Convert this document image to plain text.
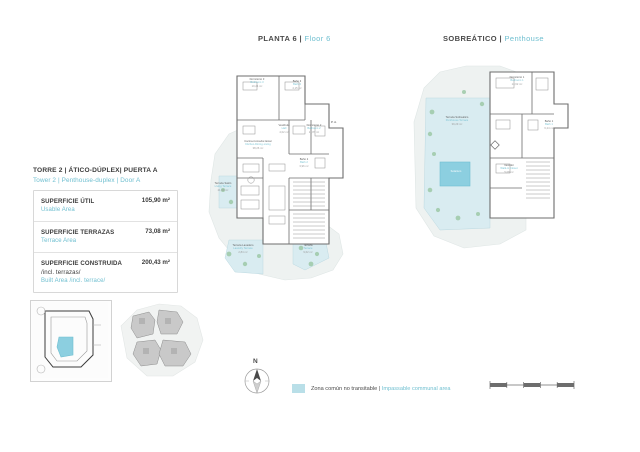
PLANTA 6 | Floor 6	SOBREÁTICO | Penthouse
Dormitorio 3
Bedroom 3
10,24 m²
Baño 3
Bath 3
4,15 m²
Vestíbulo
Hall
4,02 m²
Baño 2
Bath 2
3,96 m²
Dormitorio 2
Bedroom 2
11,87 m²
Cocina-Comedor-Estar
Kitchen-Dining-Living
38,26 m²
Terraza Salón
Living Terrace
21,33 m²
Terraza Lavadero
Laundry Terrace
2,84 m²
Terraza
Terrace
9,62 m²
P. A.
Dormitorio 1
Bedroom 1
14,62 m²
Baño 1
Bath 1
6,24 m²
Vestidor
Walk-in Closet
5,08 m²
Terraza Sobreático
Penthouse Terrace
39,29 m²
Solarium
TORRE 2 | ÁTICO-DÚPLEX| PUERTA A
Tower 2 | Penthouse-duplex | Door A
SUPERFICIE ÚTIL
Usable Area
105,90 m²
SUPERFICIE TERRAZAS
Terrace Area
73,08 m²
SUPERFICIE CONSTRUIDA
/incl. terrazas/
Built Area /incl. terrace/
200,43 m²
N
Zona común no transitable | Impassable communal area
